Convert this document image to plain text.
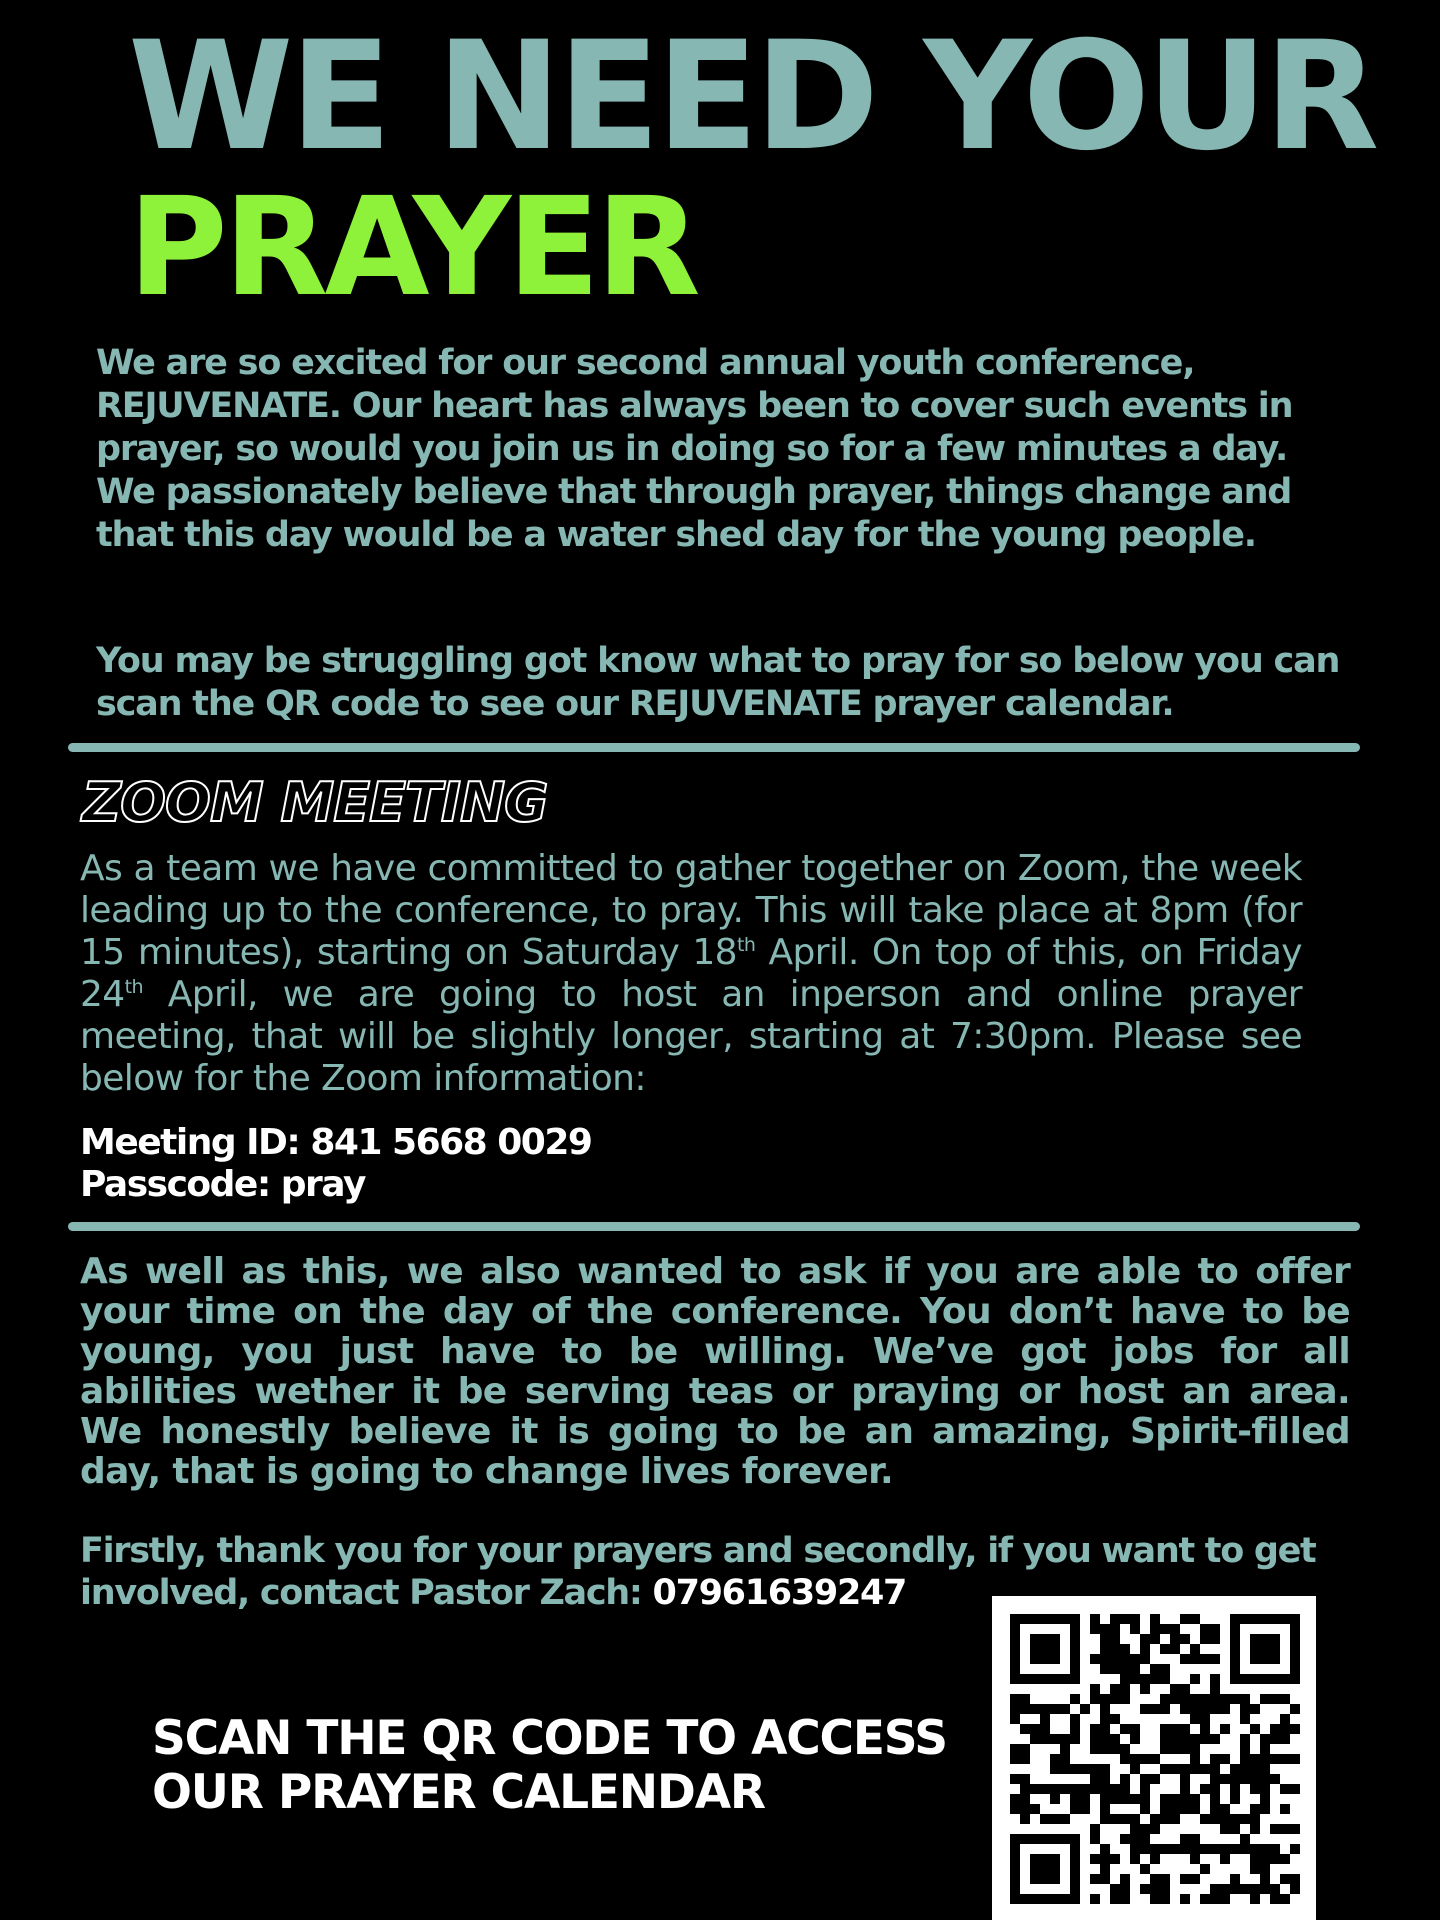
WE NEED YOUR
PRAYER

We are so excited for our second annual youth conference, REJUVENATE. Our heart has always been to cover such events in prayer, so would you join us in doing so for a few minutes a day. We passionately believe that through prayer, things change and that this day would be a water shed day for the young people.

You may be struggling got know what to pray for so below you can scan the QR code to see our REJUVENATE prayer calendar.

ZOOM MEETING

As a team we have committed to gather together on Zoom, the week leading up to the conference, to pray. This will take place at 8pm (for 15 minutes), starting on Saturday 18th April. On top of this, on Friday 24th April, we are going to host an inperson and online prayer meeting, that will be slightly longer, starting at 7:30pm. Please see below for the Zoom information:

Meeting ID: 841 5668 0029

Passcode: pray

As well as this, we also wanted to ask if you are able to offer your time on the day of the conference. You don’t have to be young, you just have to be willing. We’ve got jobs for all abilities wether it be serving teas or praying or host an area. We honestly believe it is going to be an amazing, Spirit-filled day, that is going to change lives forever.

Firstly, thank you for your prayers and secondly, if you want to get involved, contact Pastor Zach: 07961639247

SCAN THE QR CODE TO ACCESS
OUR PRAYER CALENDAR
